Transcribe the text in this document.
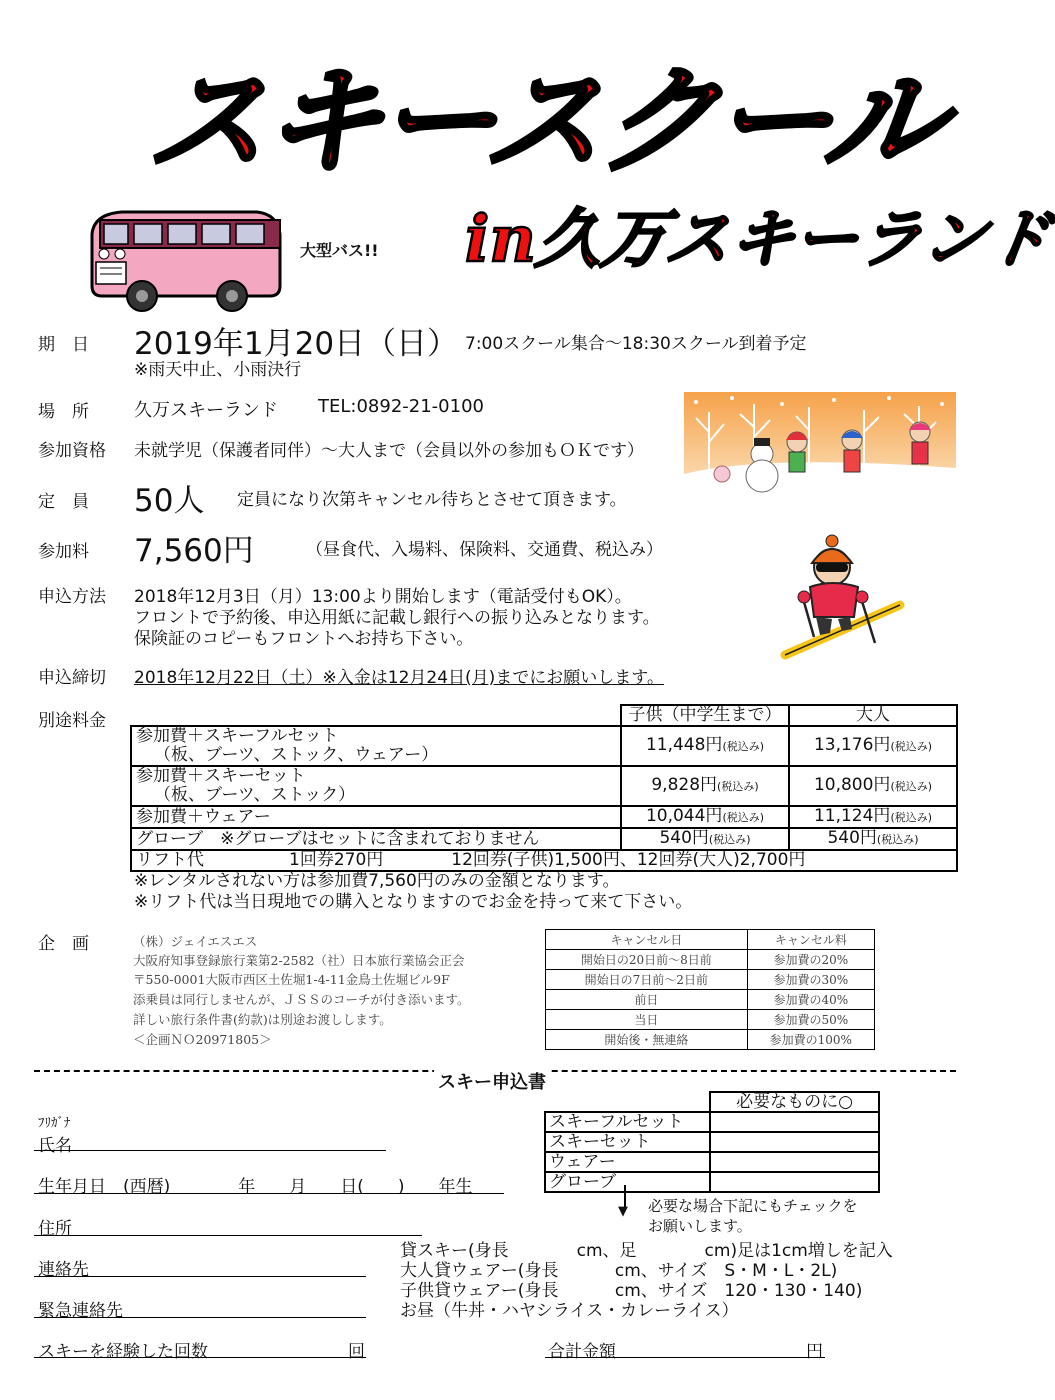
スキースクール
大型バス!! in
久万スキーランド
期　日 2019年1月20日（日） 7:00スクール集合～18:30スクール到着予定
※雨天中止、小雨決行
場　所	久万スキーランド TEL:0892-21-0100
参加資格 未就学児（保護者同伴）～大人まで（会員以外の参加もＯＫです）
定　員 50人 定員になり次第キャンセル待ちとさせて頂きます。
参加料 7,560円	（昼食代、入場料、保険料、交通費、税込み）
申込方法 2018年12月3日（月）13:00より開始します（電話受付もOK）。
フロントで予約後、申込用紙に記載し銀行への振り込みとなります。
保険証のコピーもフロントへお持ち下さい。
申込締切 2018年12月22日（土）※入金は12月24日(月)までにお願いします。
別途料金
		子供（中学生まで）	大人
参加費＋スキーフルセット
（板、ブーツ、ストック、ウェアー）	11,448円(税込み)	13,176円(税込み)
参加費＋スキーセット
（板、ブーツ、ストック）	9,828円(税込み)	10,800円(税込み)
参加費＋ウェアー	10,044円(税込み)	11,124円(税込み)
グローブ　※グローブはセットに含まれておりません	540円(税込み)	540円(税込み)
リフト代　　　　　1回券270円　　　　12回券(子供)1,500円、12回券(大人)2,700円		
※レンタルされない方は参加費7,560円のみの金額となります。
※リフト代は当日現地での購入となりますのでお金を持って来て下さい。
企　画	（株）ジェイエスエス
大阪府知事登録旅行業第2-2582（社）日本旅行業協会正会
〒550-0001大阪市西区土佐堀1-4-11金鳥土佐堀ビル9F
添乗員は同行しませんが、ＪＳＳのコーチが付き添います。
詳しい旅行条件書(約款)は別途お渡しします。
＜企画ＮＯ20971805＞
キャンセル日	キャンセル料
開始日の20日前～8日前	参加費の20%
開始日の7日前～2日前	参加費の30%
前日	参加費の40%
当日	参加費の50%
開始後・無連絡	参加費の100%
スキー申込書
ﾌﾘｶﾞﾅ
氏名
生年月日　(西暦)　　　　年　　月　　日(　　)　　年生
住所
連絡先
緊急連絡先
スキーを経験した回数	回
	必要なものに○
スキーフルセット	
スキーセット	
ウェアー	
グローブ	
▼ 必要な場合下記にもチェックを
お願いします。
貸スキー(身長　　　　cm、足　　　　cm)足は1cm増しを記入
大人貸ウェアー(身長　　　 cm、サイズ　S・M・L・2L)
子供貸ウェアー(身長　　　 cm、サイズ　120・130・140)
お昼（牛丼・ハヤシライス・カレーライス）
合計金額	円
